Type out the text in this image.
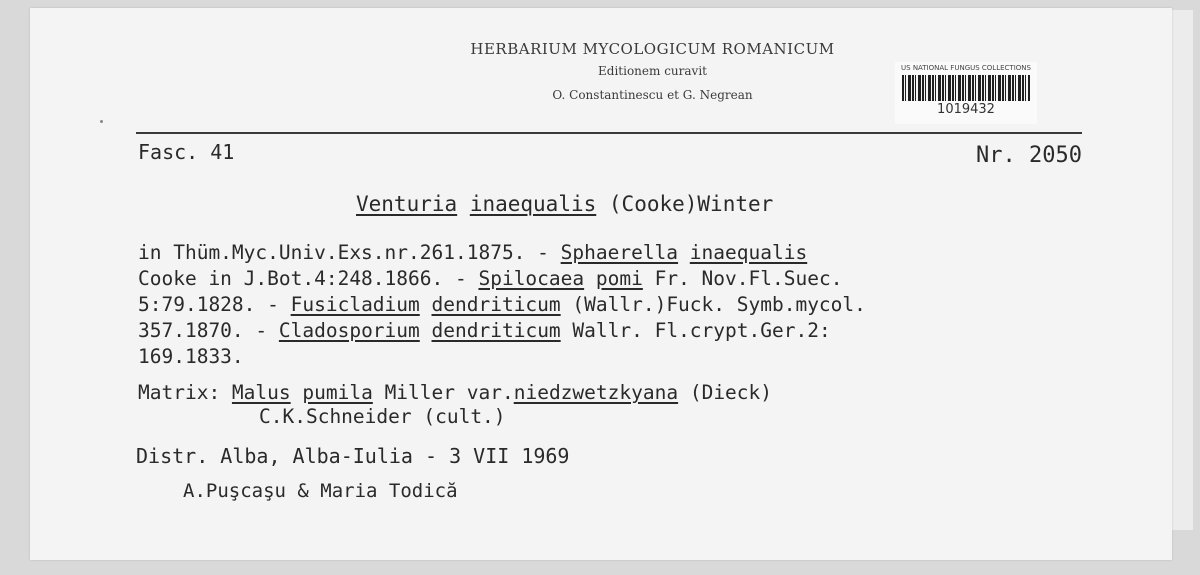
HERBARIUM MYCOLOGICUM ROMANICUM
Editionem curavit
O. Constantinescu et G. Negrean
US NATIONAL FUNGUS COLLECTIONS
1019432
Fasc. 41	Nr. 2050
Venturia inaequalis (Cooke)Winter
in Thüm.Myc.Univ.Exs.nr.261.1875. - Sphaerella inaequalis
Cooke in J.Bot.4:248.1866. - Spilocaea pomi Fr. Nov.Fl.Suec.
5:79.1828. - Fusicladium dendriticum (Wallr.)Fuck. Symb.mycol.
357.1870. - Cladosporium dendriticum Wallr. Fl.crypt.Ger.2:
169.1833.
Matrix: Malus pumila Miller var.niedzwetzkyana (Dieck)
C.K.Schneider (cult.)
Distr. Alba, Alba-Iulia - 3 VII 1969
A.Puşcaşu & Maria Todică
